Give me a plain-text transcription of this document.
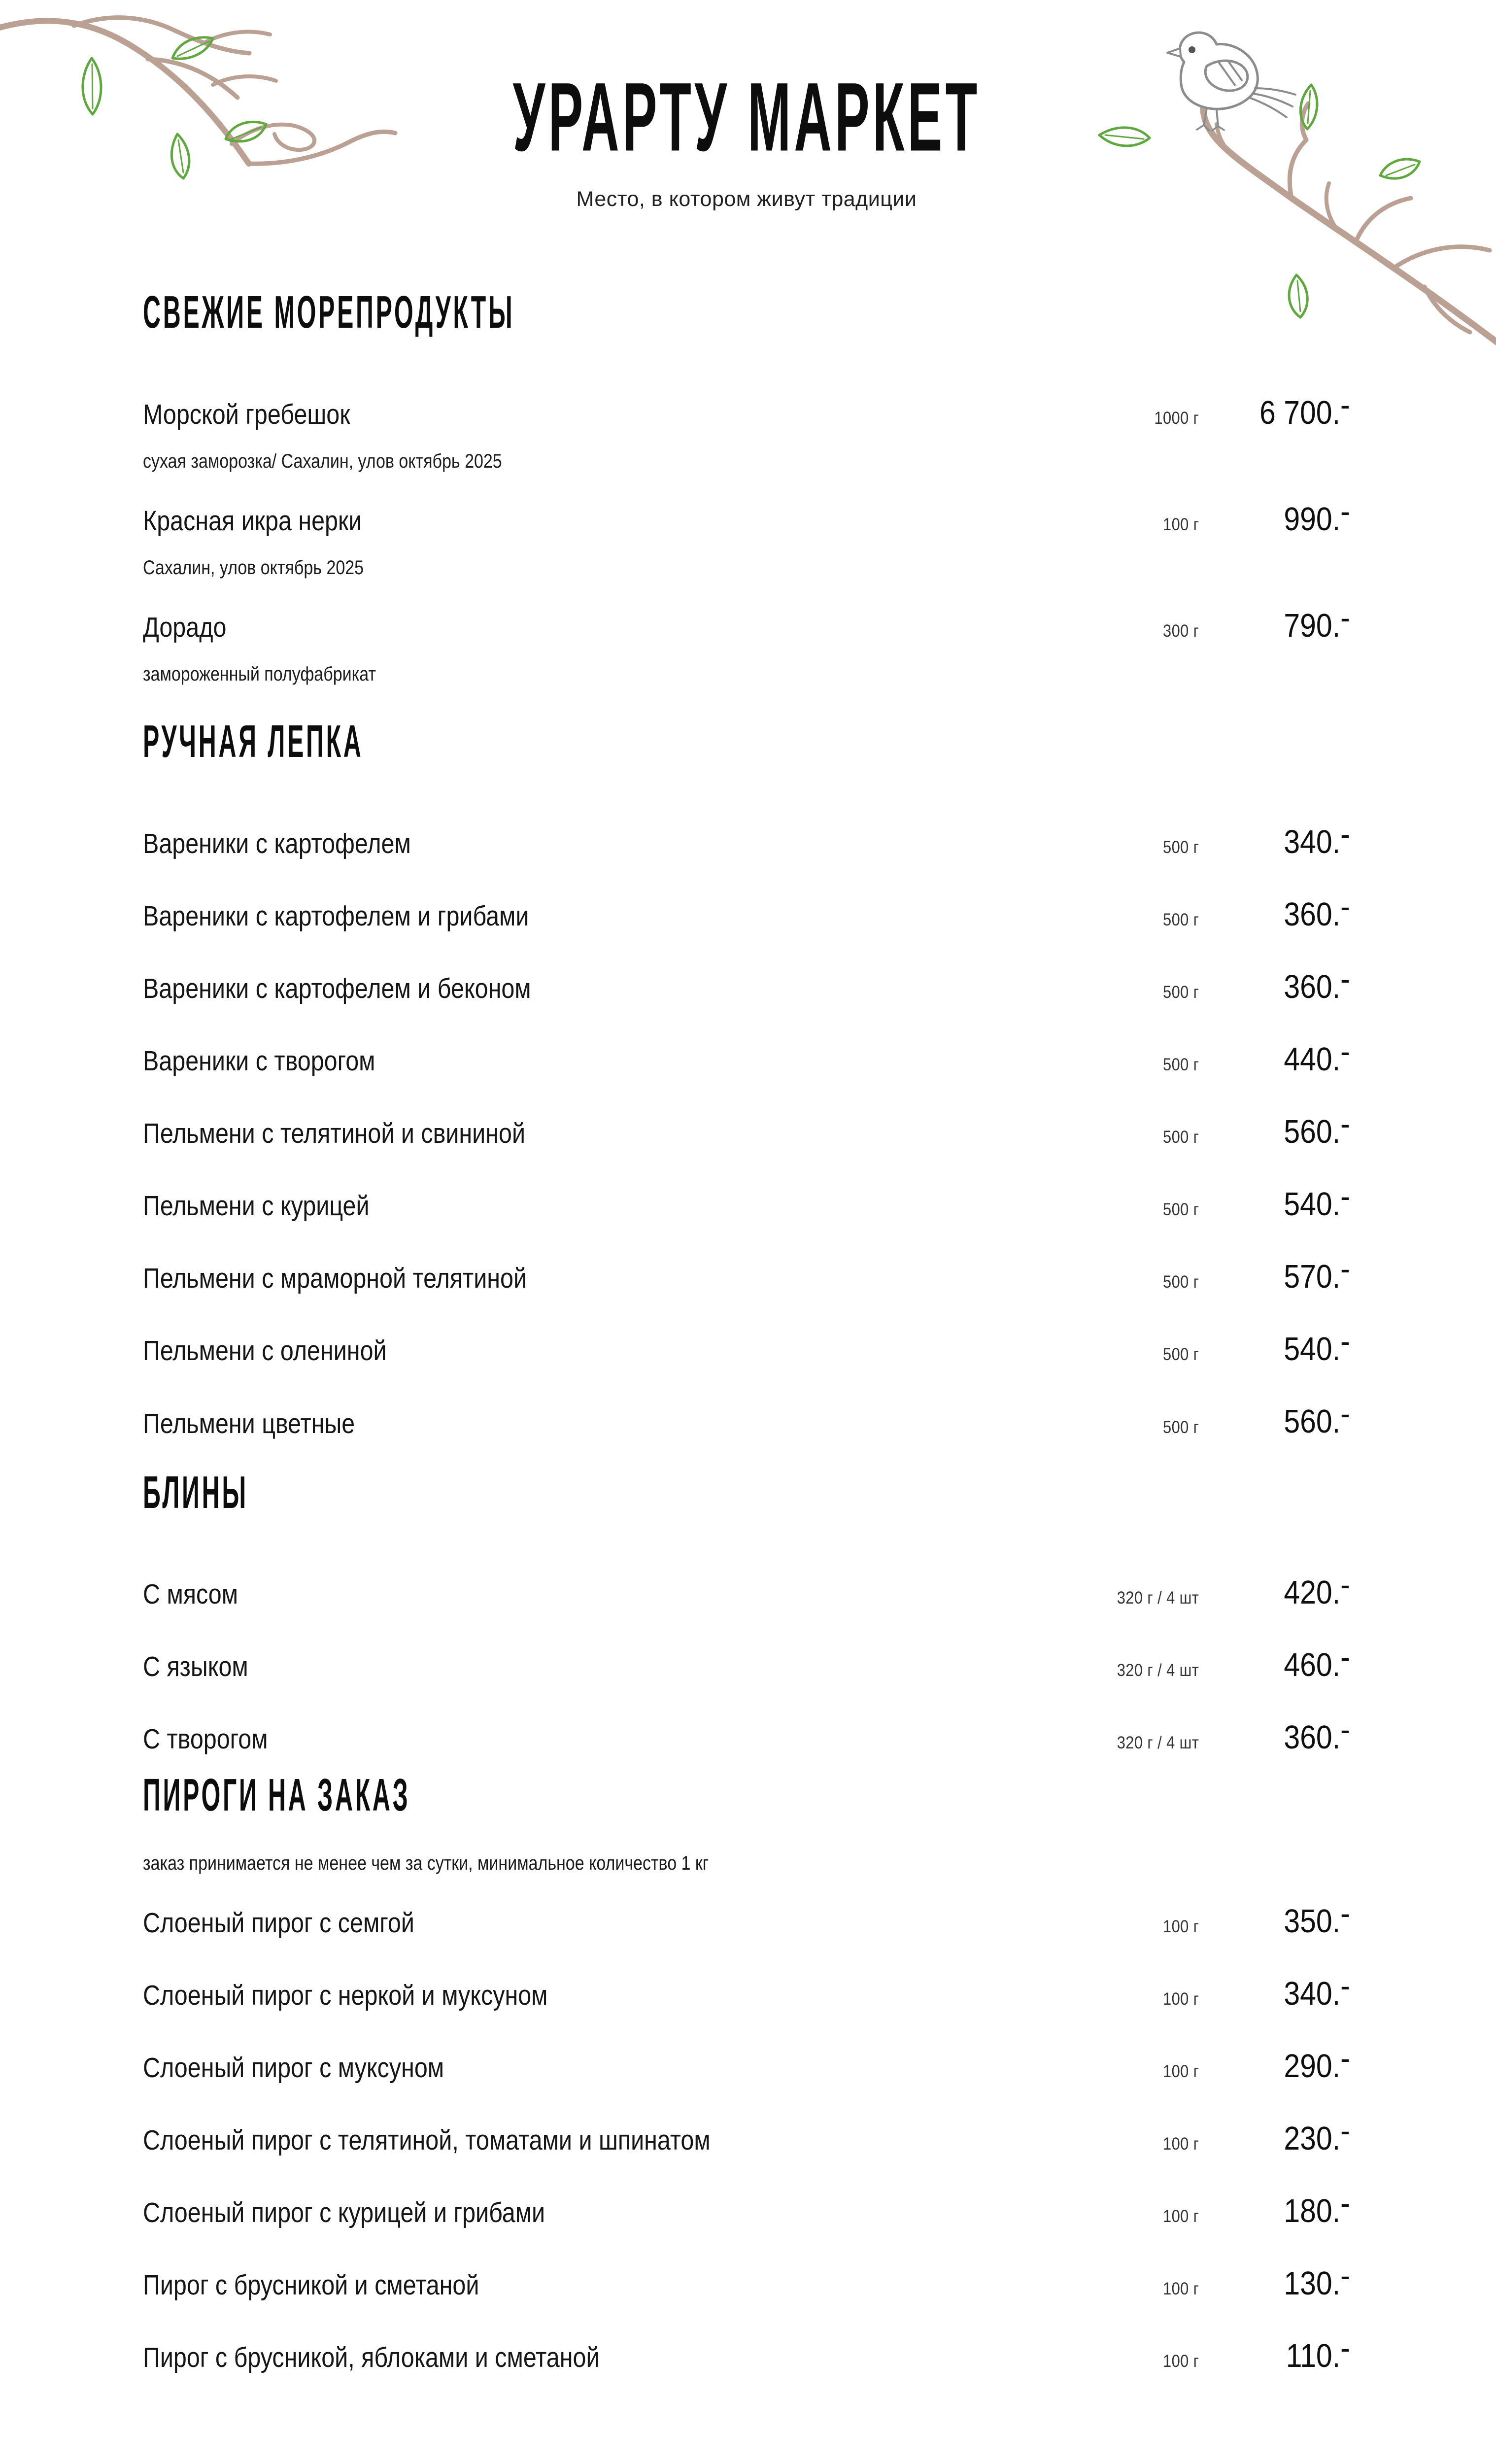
УРАРТУ МАРКЕТ

Место, в котором живут традиции

СВЕЖИЕ МОРЕПРОДУКТЫ
Морской гребешок
сухая заморозка/ Сахалин, улов октябрь 2025
1000 г	6 700.-
Красная икра нерки
Сахалин, улов октябрь 2025
100 г	990.-
Дорадо
замороженный полуфабрикат
300 г	790.-
РУЧНАЯ ЛЕПКА
Вареники с картофелем	500 г	340.-
Вареники с картофелем и грибами	500 г	360.-
Вареники с картофелем и беконом	500 г	360.-
Вареники с творогом	500 г	440.-
Пельмени с телятиной и свининой	500 г	560.-
Пельмени с курицей	500 г	540.-
Пельмени с мраморной телятиной	500 г	570.-
Пельмени с олениной	500 г	540.-
Пельмени цветные	500 г	560.-
БЛИНЫ
С мясом	320 г / 4 шт	420.-
С языком	320 г / 4 шт	460.-
С творогом	320 г / 4 шт	360.-
ПИРОГИ НА ЗАКАЗ

заказ принимается не менее чем за сутки, минимальное количество 1 кг

Слоеный пирог с семгой	100 г	350.-
Слоеный пирог с неркой и муксуном	100 г	340.-
Слоеный пирог с муксуном	100 г	290.-
Слоеный пирог с телятиной, томатами и шпинатом	100 г	230.-
Слоеный пирог с курицей и грибами	100 г	180.-
Пирог с брусникой и сметаной	100 г	130.-
Пирог с брусникой, яблоками и сметаной	100 г	110.-
